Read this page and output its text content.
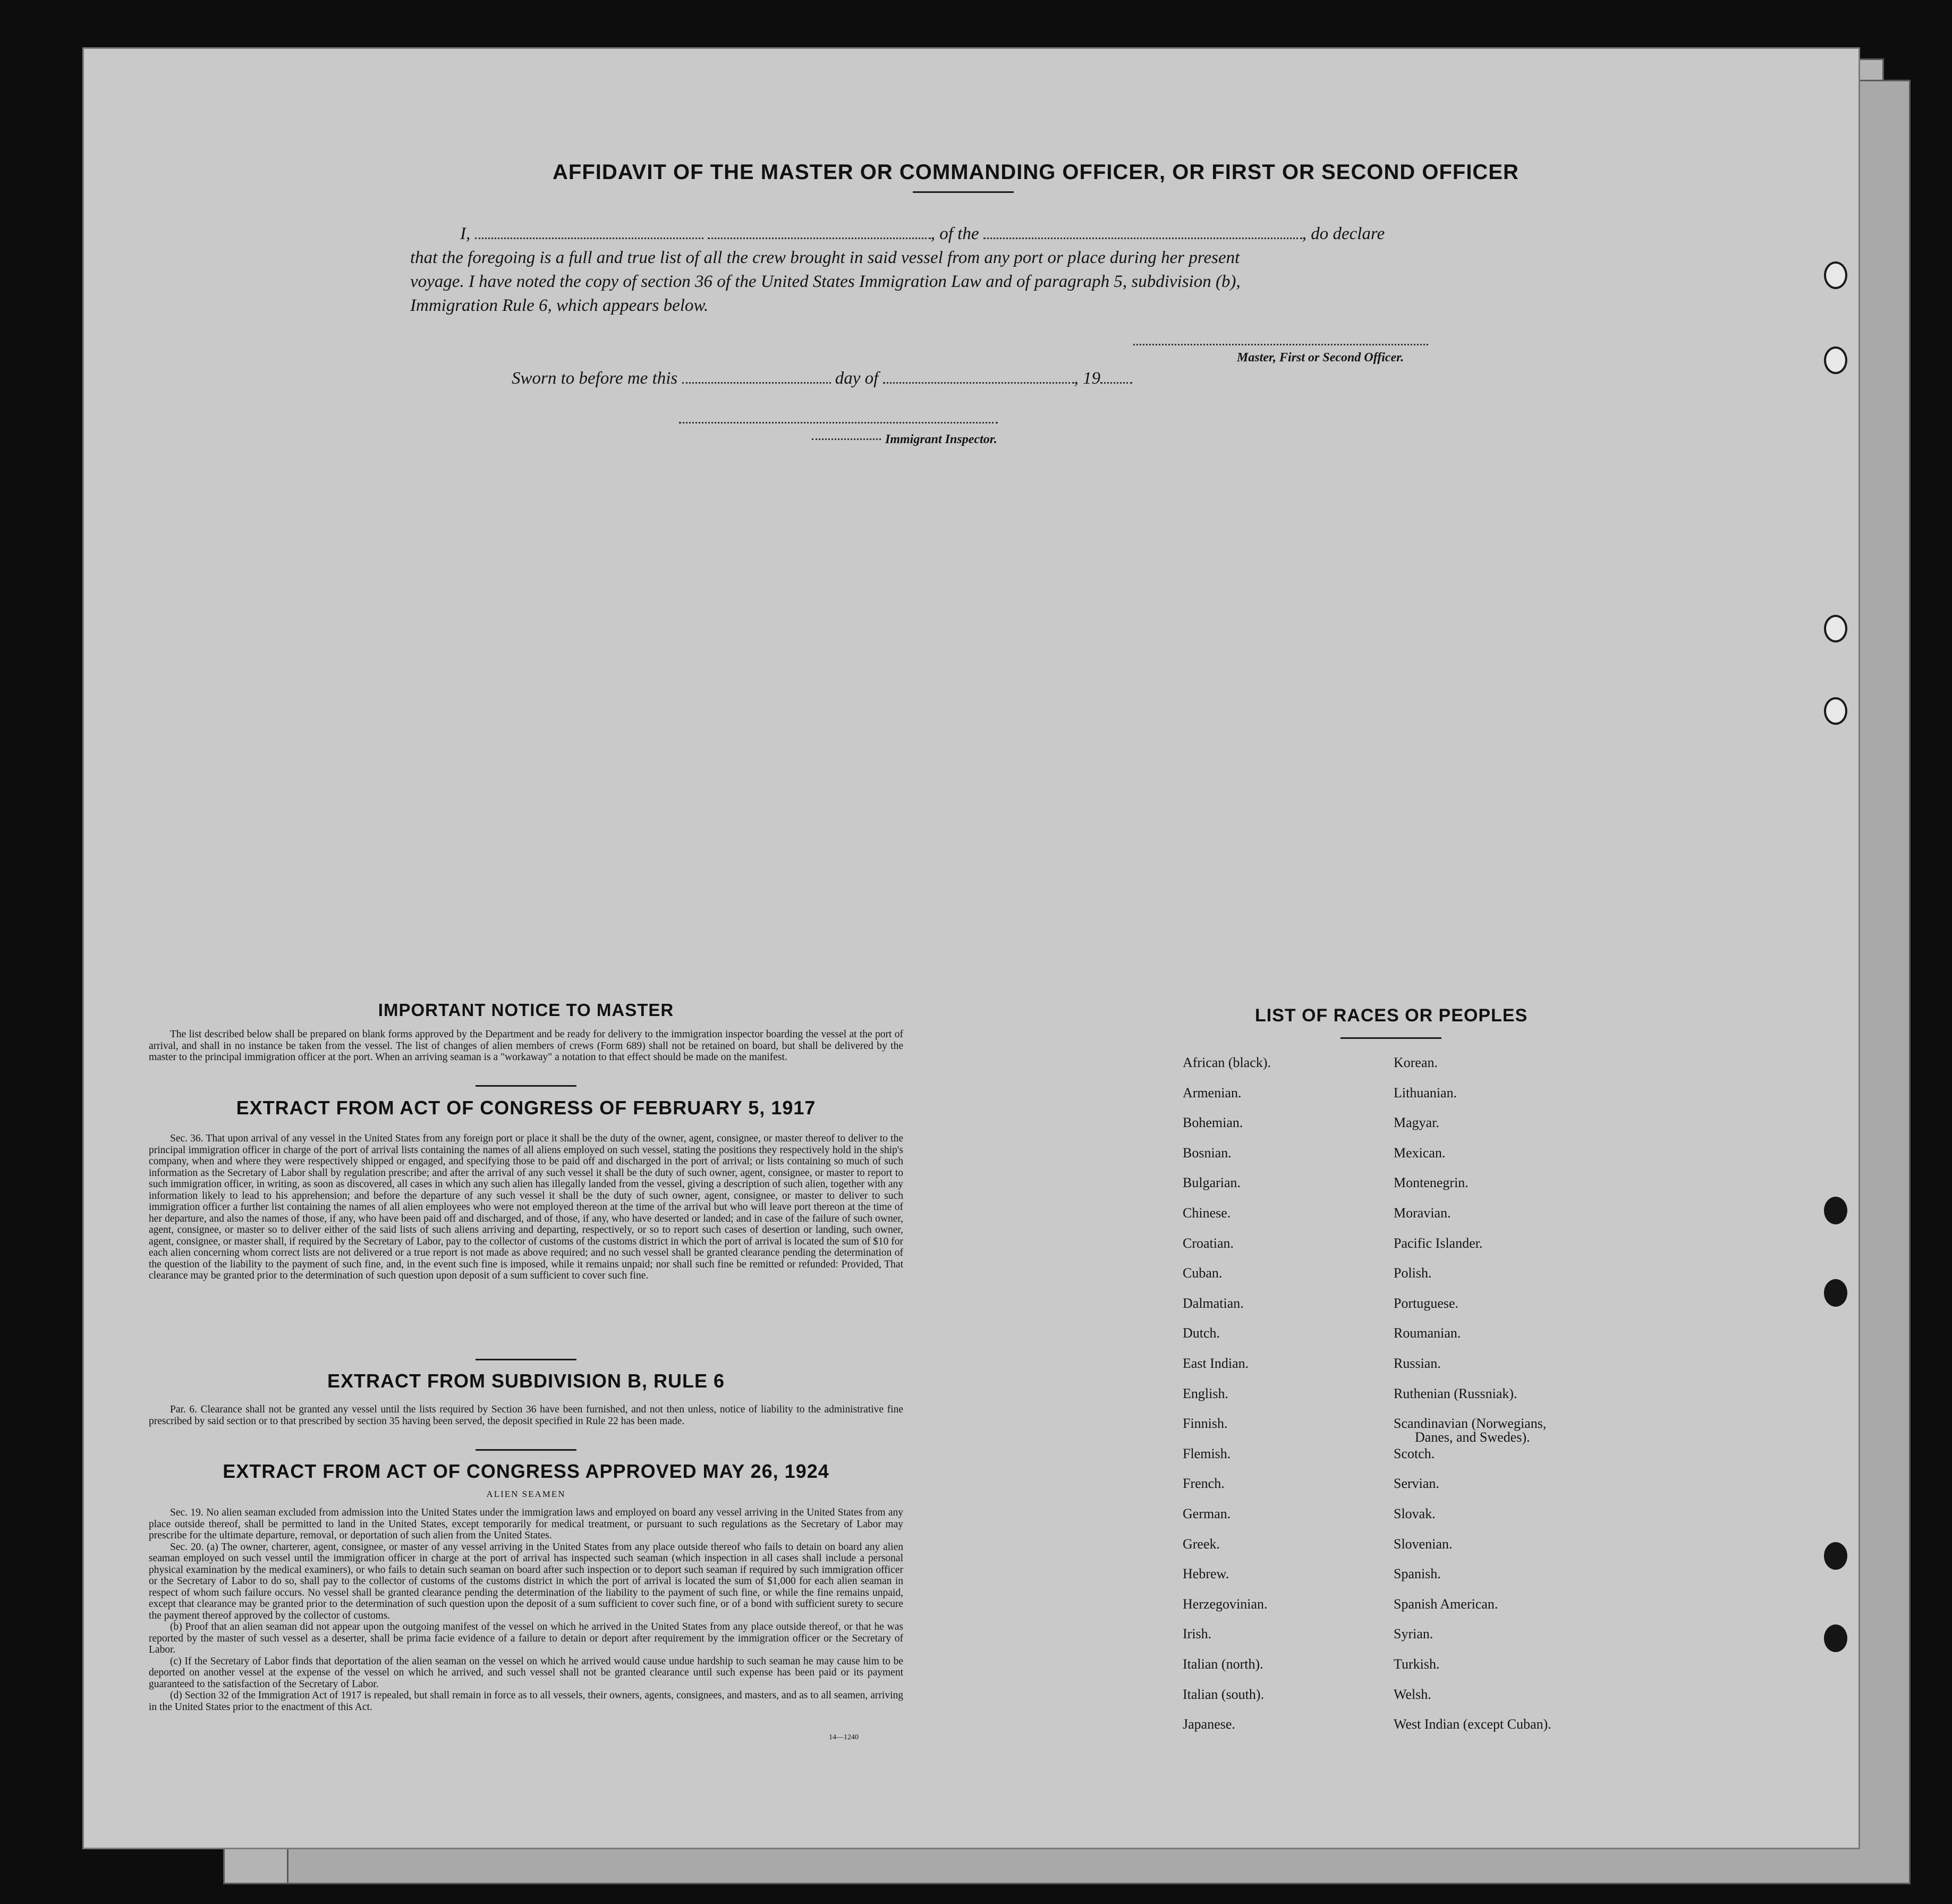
AFFIDAVIT OF THE MASTER OR COMMANDING OFFICER, OR FIRST OR SECOND OFFICER
I,	, of the	, do declare
that the foregoing is a full and true list of all the crew brought in said vessel from any port or place during her present
voyage. I have noted the copy of section 36 of the United States Immigration Law and of paragraph 5, subdivision (b),
Immigration Rule 6, which appears below.
Master, First or Second Officer.
Sworn to before me this	day of	, 19
Immigrant Inspector.
IMPORTANT NOTICE TO MASTER

The list described below shall be prepared on blank forms approved by the Department and be ready for delivery to the immigration inspector boarding the vessel at the port of arrival, and shall in no instance be taken from the vessel. The list of changes of alien members of crews (Form 689) shall not be retained on board, but shall be delivered by the master to the principal immigration officer at the port. When an arriving seaman is a "workaway" a notation to that effect should be made on the manifest.

EXTRACT FROM ACT OF CONGRESS OF FEBRUARY 5, 1917

Sec. 36. That upon arrival of any vessel in the United States from any foreign port or place it shall be the duty of the owner, agent, consignee, or master thereof to deliver to the principal immigration officer in charge of the port of arrival lists containing the names of all aliens employed on such vessel, stating the positions they respectively hold in the ship's company, when and where they were respectively shipped or engaged, and specifying those to be paid off and discharged in the port of arrival; or lists containing so much of such information as the Secretary of Labor shall by regulation prescribe; and after the arrival of any such vessel it shall be the duty of such owner, agent, consignee, or master to report to such immigration officer, in writing, as soon as discovered, all cases in which any such alien has illegally landed from the vessel, giving a description of such alien, together with any information likely to lead to his apprehension; and before the departure of any such vessel it shall be the duty of such owner, agent, consignee, or master to deliver to such immigration officer a further list containing the names of all alien employees who were not employed thereon at the time of the arrival but who will leave port thereon at the time of her departure, and also the names of those, if any, who have been paid off and discharged, and of those, if any, who have deserted or landed; and in case of the failure of such owner, agent, consignee, or master so to deliver either of the said lists of such aliens arriving and departing, respectively, or so to report such cases of desertion or landing, such owner, agent, consignee, or master shall, if required by the Secretary of Labor, pay to the collector of customs of the customs district in which the port of arrival is located the sum of $10 for each alien concerning whom correct lists are not delivered or a true report is not made as above required; and no such vessel shall be granted clearance pending the determination of the question of the liability to the payment of such fine, and, in the event such fine is imposed, while it remains unpaid; nor shall such fine be remitted or refunded: Provided, That clearance may be granted prior to the determination of such question upon deposit of a sum sufficient to cover such fine.

EXTRACT FROM SUBDIVISION B, RULE 6

Par. 6. Clearance shall not be granted any vessel until the lists required by Section 36 have been furnished, and not then unless, notice of liability to the administrative fine prescribed by said section or to that prescribed by section 35 having been served, the deposit specified in Rule 22 has been made.

EXTRACT FROM ACT OF CONGRESS APPROVED MAY 26, 1924
ALIEN SEAMEN

Sec. 19. No alien seaman excluded from admission into the United States under the immigration laws and employed on board any vessel arriving in the United States from any place outside thereof, shall be permitted to land in the United States, except temporarily for medical treatment, or pursuant to such regulations as the Secretary of Labor may prescribe for the ultimate departure, removal, or deportation of such alien from the United States.

Sec. 20. (a) The owner, charterer, agent, consignee, or master of any vessel arriving in the United States from any place outside thereof who fails to detain on board any alien seaman employed on such vessel until the immigration officer in charge at the port of arrival has inspected such seaman (which inspection in all cases shall include a personal physical examination by the medical examiners), or who fails to detain such seaman on board after such inspection or to deport such seaman if required by such immigration officer or the Secretary of Labor to do so, shall pay to the collector of customs of the customs district in which the port of arrival is located the sum of $1,000 for each alien seaman in respect of whom such failure occurs. No vessel shall be granted clearance pending the determination of the liability to the payment of such fine, or while the fine remains unpaid, except that clearance may be granted prior to the determination of such question upon the deposit of a sum sufficient to cover such fine, or of a bond with sufficient surety to secure the payment thereof approved by the collector of customs.

(b) Proof that an alien seaman did not appear upon the outgoing manifest of the vessel on which he arrived in the United States from any place outside thereof, or that he was reported by the master of such vessel as a deserter, shall be prima facie evidence of a failure to detain or deport after requirement by the immigration officer or the Secretary of Labor.

(c) If the Secretary of Labor finds that deportation of the alien seaman on the vessel on which he arrived would cause undue hardship to such seaman he may cause him to be deported on another vessel at the expense of the vessel on which he arrived, and such vessel shall not be granted clearance until such expense has been paid or its payment guaranteed to the satisfaction of the Secretary of Labor.

(d) Section 32 of the Immigration Act of 1917 is repealed, but shall remain in force as to all vessels, their owners, agents, consignees, and masters, and as to all seamen, arriving in the United States prior to the enactment of this Act.

14—1240
LIST OF RACES OR PEOPLES
African (black).
Armenian.
Bohemian.
Bosnian.
Bulgarian.
Chinese.
Croatian.
Cuban.
Dalmatian.
Dutch.
East Indian.
English.
Finnish.
Flemish.
French.
German.
Greek.
Hebrew.
Herzegovinian.
Irish.
Italian (north).
Italian (south).
Japanese.
Korean.
Lithuanian.
Magyar.
Mexican.
Montenegrin.
Moravian.
Pacific Islander.
Polish.
Portuguese.
Roumanian.
Russian.
Ruthenian (Russniak).
Scandinavian (Norwegians,
Scotch.
Servian.
Slovak.
Slovenian.
Spanish.
Spanish American.
Syrian.
Turkish.
Welsh.
West Indian (except Cuban).
Danes, and Swedes).
